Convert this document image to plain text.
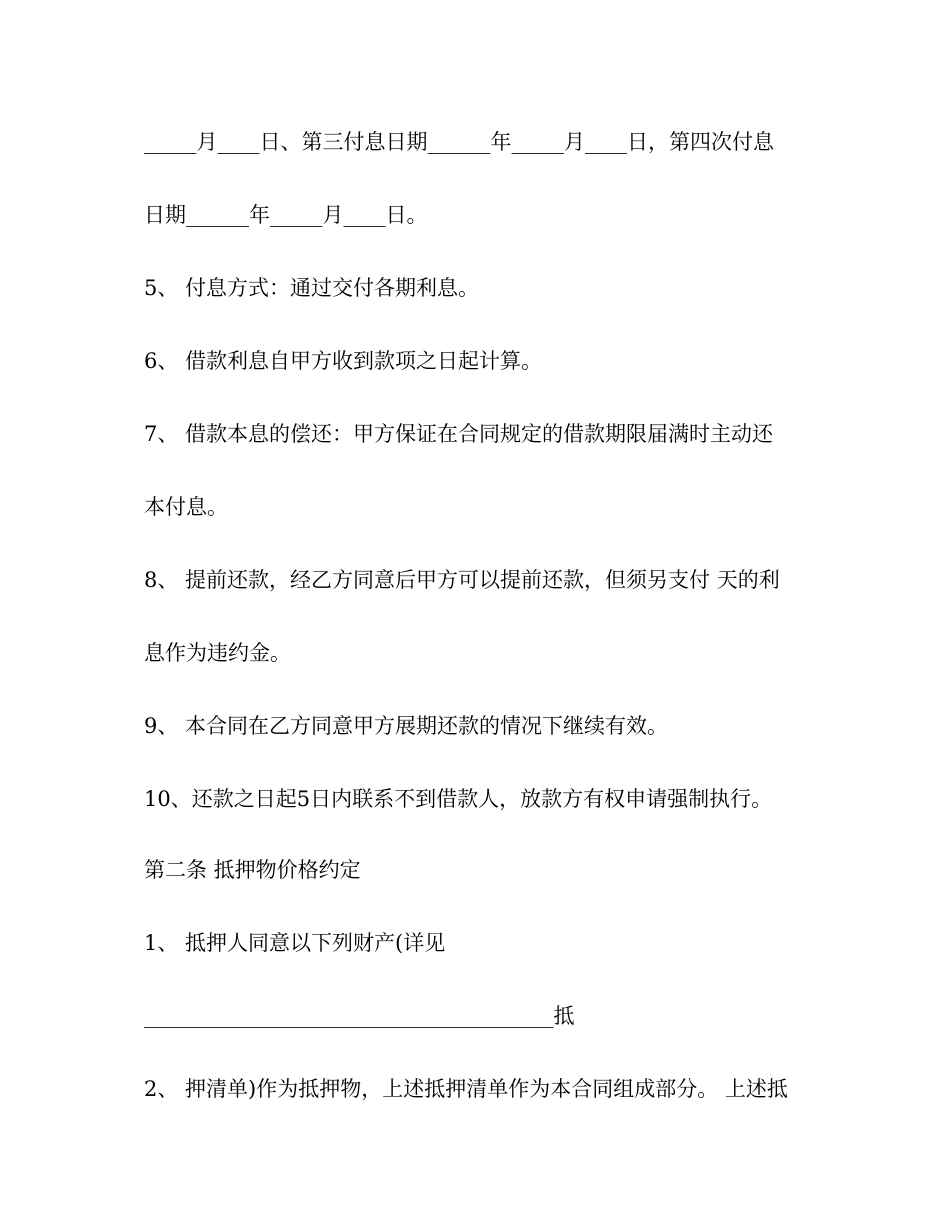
_____月____日、第三付息日期______年_____月____日，第四次付息
日期______年_____月____日。
5、 付息方式：通过交付各期利息。
6、 借款利息自甲方收到款项之日起计算。
7、 借款本息的偿还：甲方保证在合同规定的借款期限届满时主动还
本付息。
8、 提前还款，经乙方同意后甲方可以提前还款，但须另支付 天的利
息作为违约金。
9、 本合同在乙方同意甲方展期还款的情况下继续有效。
10、还款之日起5日内联系不到借款人，放款方有权申请强制执行。
第二条 抵押物价格约定
1、 抵押人同意以下列财产(详见
_______________________________________抵
2、 押清单)作为抵押物，上述抵押清单作为本合同组成部分。 上述抵
